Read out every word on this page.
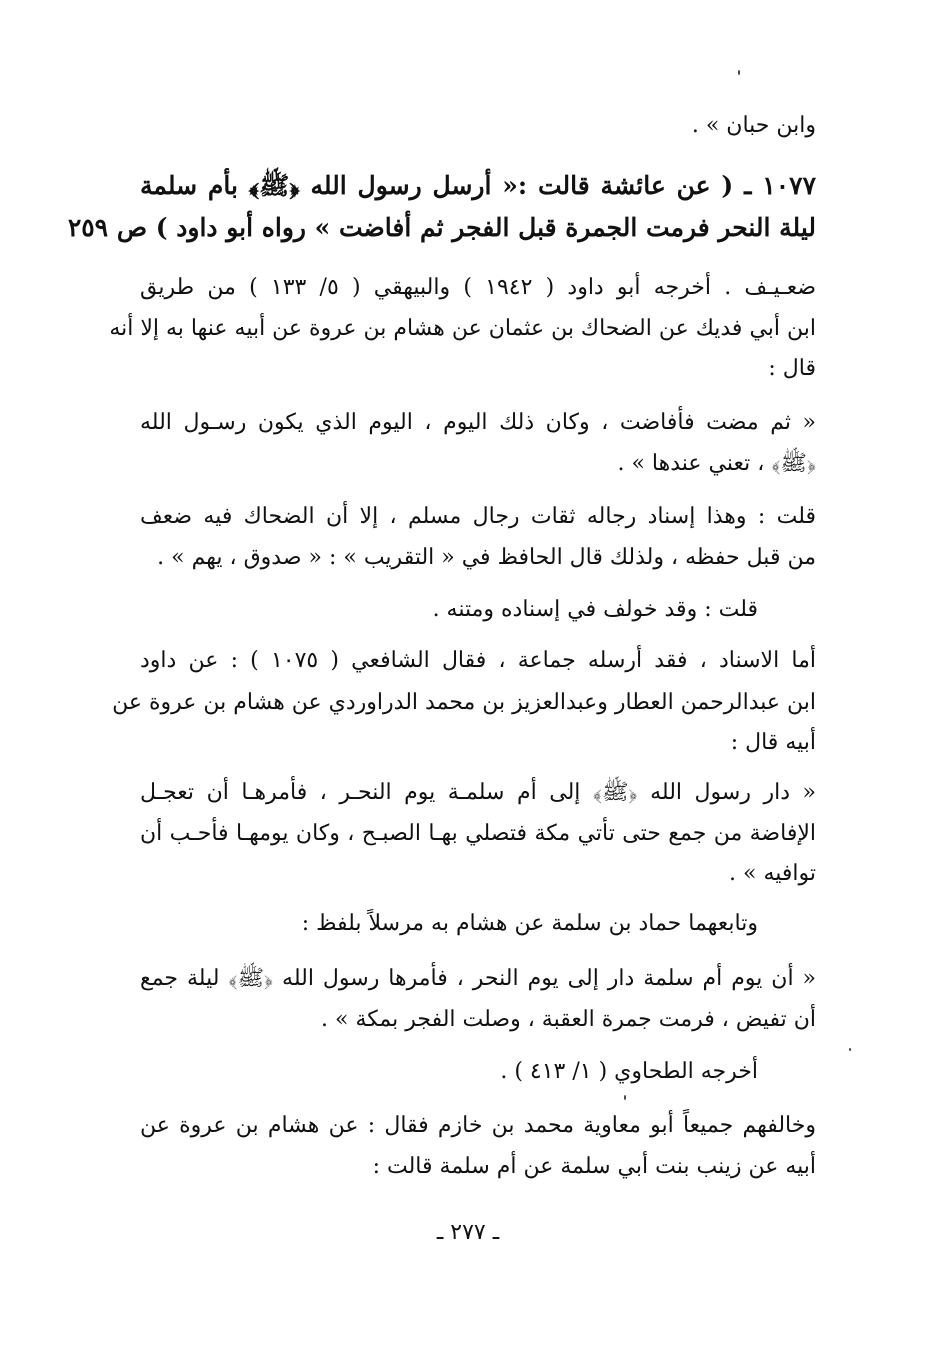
وابن حبان » .
١٠٧٧ ـ ( عن عائشة قالت :« أرسل رسول الله ﴿ﷺ﴾ بأم سلمة
ليلة النحر فرمت الجمرة قبل الفجر ثم أفاضت » رواه أبو داود ) ص ٢٥٩
ضعـيـف . أخرجه أبو داود ( ١٩٤٢ ) والبيهقي ( ٥/ ١٣٣ ) من طريق
ابن أبي فديك عن الضحاك بن عثمان عن هشام بن عروة عن أبيه عنها به إلا أنه
قال :
« ثم مضت فأفاضت ، وكان ذلك اليوم ، اليوم الذي يكون رسـول الله
﴿ﷺ﴾ ، تعني عندها » .
قلت : وهذا إسناد رجاله ثقات رجال مسلم ، إلا أن الضحاك فيه ضعف
من قبل حفظه ، ولذلك قال الحافظ في « التقريب » : « صدوق ، يهم » .
قلت : وقد خولف في إسناده ومتنه .
أما الاسناد ، فقد أرسله جماعة ، فقال الشافعي ( ١٠٧٥ ) : عن داود
ابن عبدالرحمن العطار وعبدالعزيز بن محمد الدراوردي عن هشام بن عروة عن
أبيه قال :
« دار رسول الله ﴿ﷺ﴾ إلى أم سلمـة يوم النحـر ، فأمرهـا أن تعجـل
الإفاضة من جمع حتى تأتي مكة فتصلي بهـا الصبـح ، وكان يومهـا فأحـب أن
توافيه » .
وتابعهما حماد بن سلمة عن هشام به مرسلاً بلفظ :
« أن يوم أم سلمة دار إلى يوم النحر ، فأمرها رسول الله ﴿ﷺ﴾ ليلة جمع
أن تفيض ، فرمت جمرة العقبة ، وصلت الفجر بمكة » .
أخرجه الطحاوي ( ١/ ٤١٣ ) .
وخالفهم جميعاً أبو معاوية محمد بن خازم فقال : عن هشام بن عروة عن
أبيه عن زينب بنت أبي سلمة عن أم سلمة قالت :
ـ ٢٧٧ ـ
